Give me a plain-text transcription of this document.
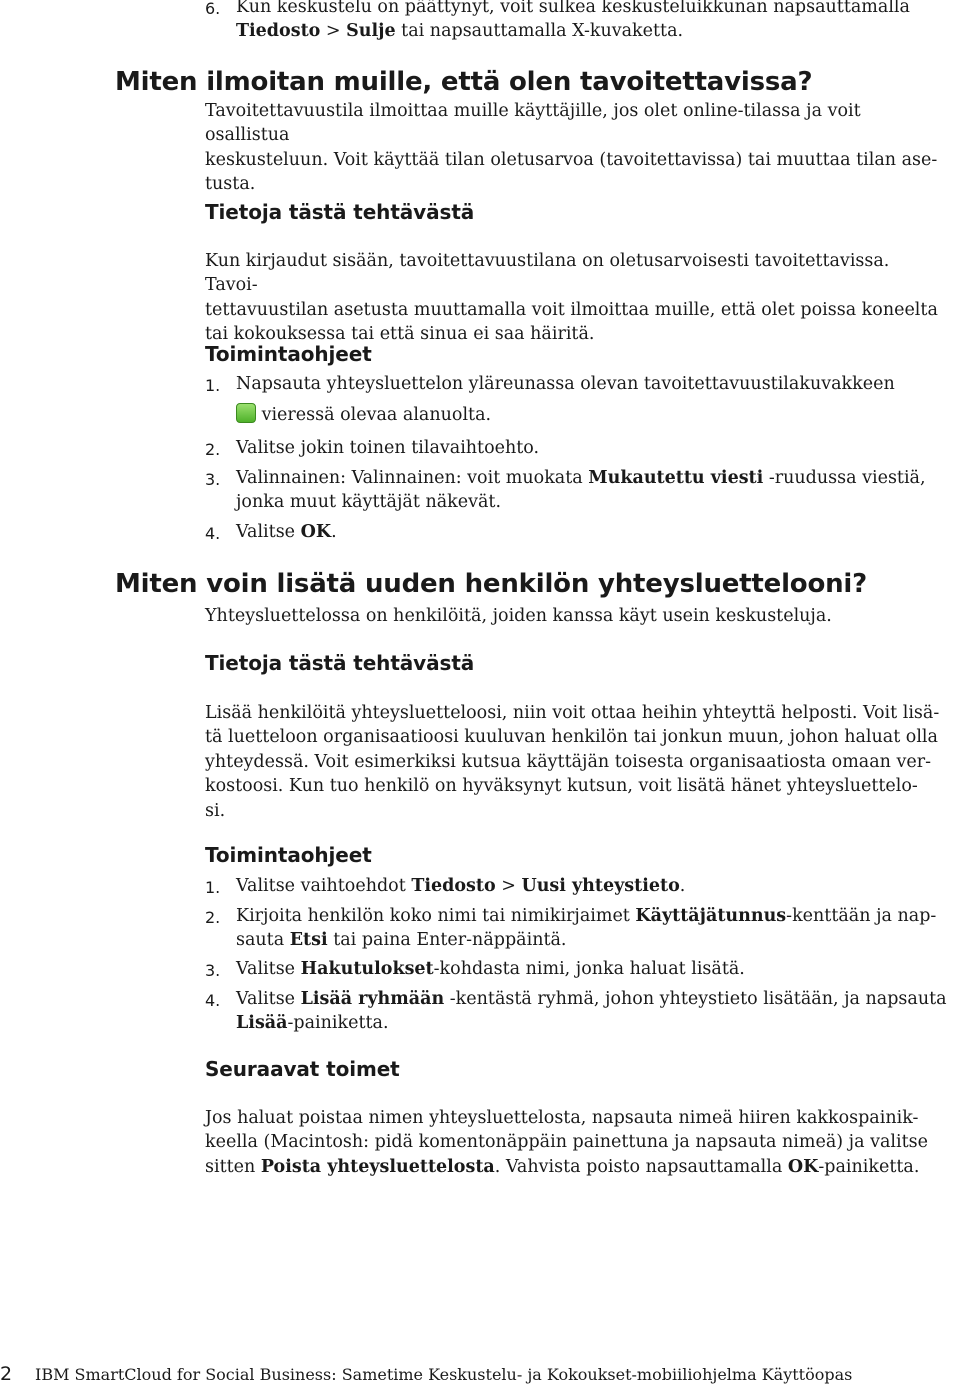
6. Kun keskustelu on päättynyt, voit sulkea keskusteluikkunan napsauttamalla
Tiedosto > Sulje tai napsauttamalla X-kuvaketta.
Miten ilmoitan muille, että olen tavoitettavissa?
Tavoitettavuustila ilmoittaa muille käyttäjille, jos olet online-tilassa ja voit osallistua
keskusteluun. Voit käyttää tilan oletusarvoa (tavoitettavissa) tai muuttaa tilan ase-
tusta.
Tietoja tästä tehtävästä
Kun kirjaudut sisään, tavoitettavuustilana on oletusarvoisesti tavoitettavissa. Tavoi-
tettavuustilan asetusta muuttamalla voit ilmoittaa muille, että olet poissa koneelta
tai kokouksessa tai että sinua ei saa häiritä.
Toimintaohjeet
1. Napsauta yhteysluettelon yläreunassa olevan tavoitettavuustilakuvakkeen
vieressä olevaa alanuolta.
2. Valitse jokin toinen tilavaihtoehto.
3. Valinnainen: Valinnainen: voit muokata Mukautettu viesti -ruudussa viestiä,
jonka muut käyttäjät näkevät.
4. Valitse OK.
Miten voin lisätä uuden henkilön yhteysluettelooni?
Yhteysluettelossa on henkilöitä, joiden kanssa käyt usein keskusteluja.
Tietoja tästä tehtävästä
Lisää henkilöitä yhteysluetteloosi, niin voit ottaa heihin yhteyttä helposti. Voit lisä-
tä luetteloon organisaatioosi kuuluvan henkilön tai jonkun muun, johon haluat olla
yhteydessä. Voit esimerkiksi kutsua käyttäjän toisesta organisaatiosta omaan ver-
kostoosi. Kun tuo henkilö on hyväksynyt kutsun, voit lisätä hänet yhteysluettelo-
si.
Toimintaohjeet
1. Valitse vaihtoehdot Tiedosto > Uusi yhteystieto.
2. Kirjoita henkilön koko nimi tai nimikirjaimet Käyttäjätunnus-kenttään ja nap-
sauta Etsi tai paina Enter-näppäintä.
3. Valitse Hakutulokset-kohdasta nimi, jonka haluat lisätä.
4. Valitse Lisää ryhmään -kentästä ryhmä, johon yhteystieto lisätään, ja napsauta
Lisää-painiketta.
Seuraavat toimet
Jos haluat poistaa nimen yhteysluettelosta, napsauta nimeä hiiren kakkospainik-
keella (Macintosh: pidä komentonäppäin painettuna ja napsauta nimeä) ja valitse
sitten Poista yhteysluettelosta. Vahvista poisto napsauttamalla OK-painiketta.
2 IBM SmartCloud for Social Business: Sametime Keskustelu- ja Kokoukset-mobiiliohjelma Käyttöopas
